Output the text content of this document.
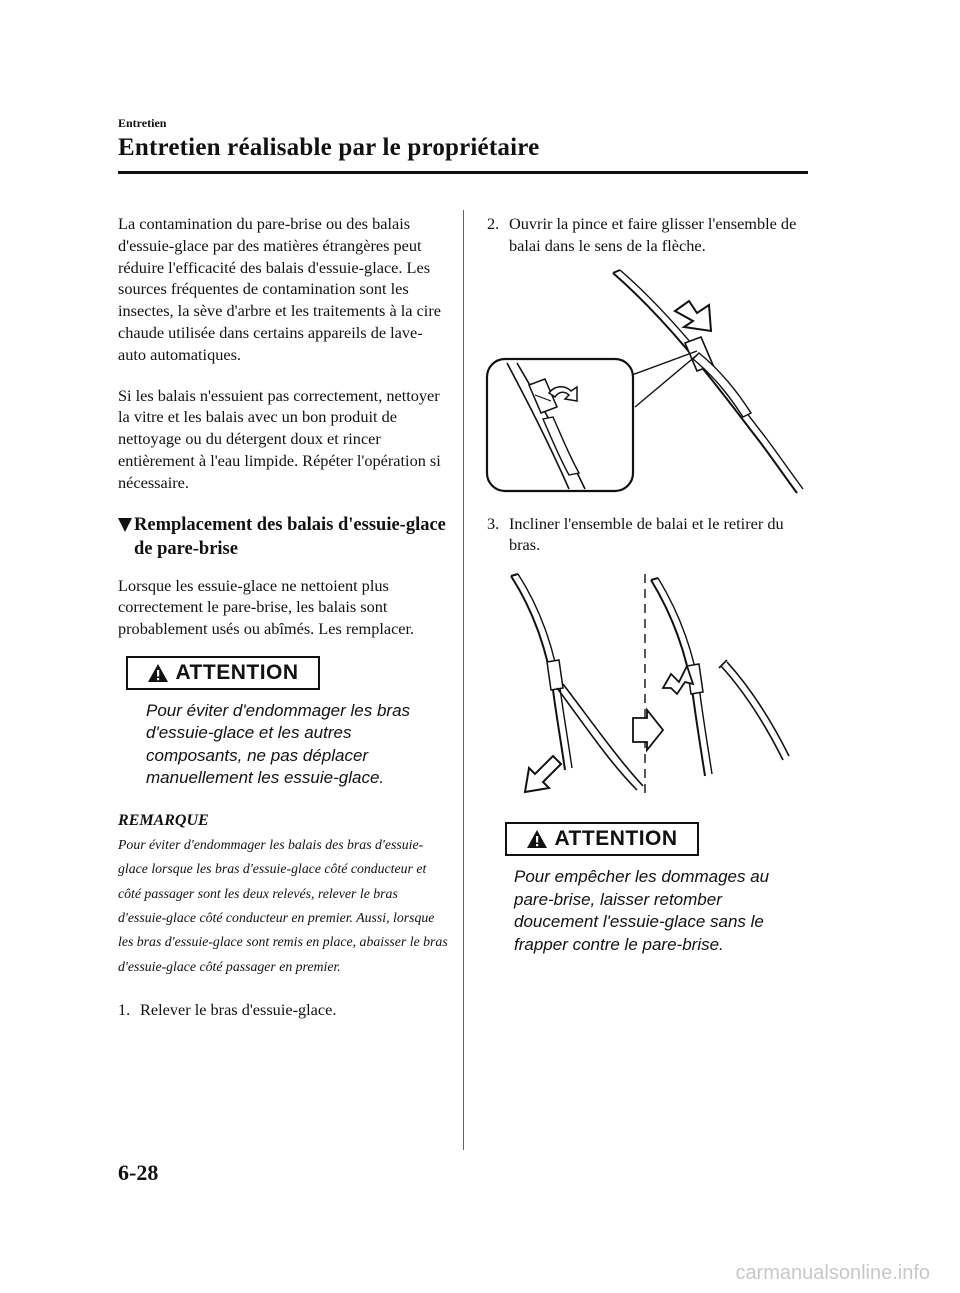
Entretien
Entretien réalisable par le propriétaire

La contamination du pare-brise ou des balais d'essuie-glace par des matières étrangères peut réduire l'efficacité des balais d'essuie-glace. Les sources fréquentes de contamination sont les insectes, la sève d'arbre et les traitements à la cire chaude utilisée dans certains appareils de lave-auto automatiques.

Si les balais n'essuient pas correctement, nettoyer la vitre et les balais avec un bon produit de nettoyage ou du détergent doux et rincer entièrement à l'eau limpide. Répéter l'opération si nécessaire.

Remplacement des balais d'essuie-glace de pare-brise

Lorsque les essuie-glace ne nettoient plus correctement le pare-brise, les balais sont probablement usés ou abîmés. Les remplacer.

ATTENTION
Pour éviter d'endommager les bras d'essuie-glace et les autres composants, ne pas déplacer manuellement les essuie-glace.
REMARQUE
Pour éviter d'endommager les balais des bras d'essuie-glace lorsque les bras d'essuie-glace côté conducteur et côté passager sont les deux relevés, relever le bras d'essuie-glace côté conducteur en premier. Aussi, lorsque les bras d'essuie-glace sont remis en place, abaisser le bras d'essuie-glace côté passager en premier.
1. Relever le bras d'essuie-glace.
2. Ouvrir la pince et faire glisser l'ensemble de balai dans le sens de la flèche.
3. Incliner l'ensemble de balai et le retirer du bras.
ATTENTION
Pour empêcher les dommages au pare-brise, laisser retomber doucement l'essuie-glace sans le frapper contre le pare-brise.
6-28
carmanualsonline.info
